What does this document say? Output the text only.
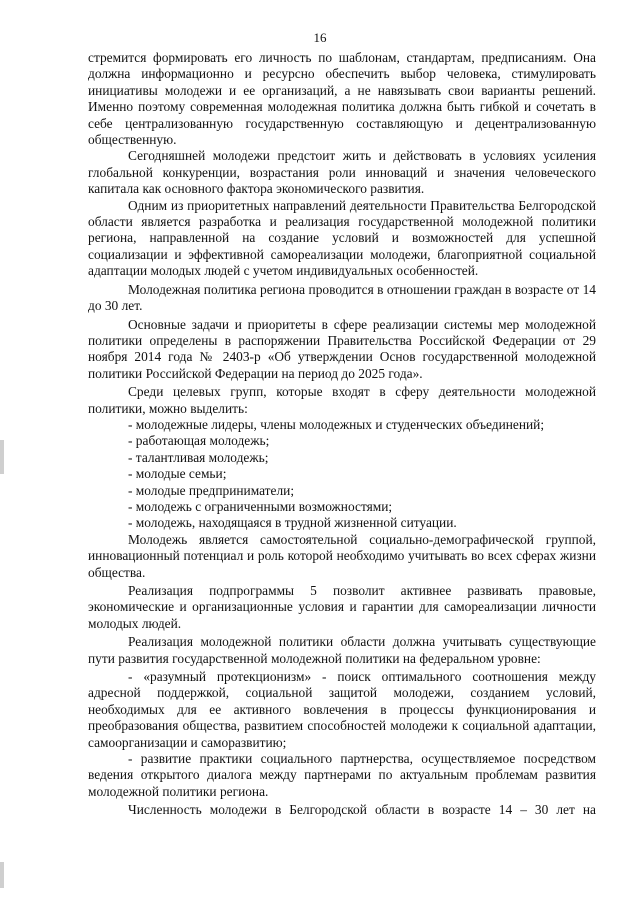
16

стремится формировать его личность по шаблонам, стандартам, предписаниям. Она должна информационно и ресурсно обеспечить выбор человека, стимулировать инициативы молодежи и ее организаций, а не навязывать свои варианты решений. Именно поэтому современная молодежная политика должна быть гибкой и сочетать в себе централизованную государственную составляющую и децентрализованную общественную.

Сегодняшней молодежи предстоит жить и действовать в условиях усиления глобальной конкуренции, возрастания роли инноваций и значения человеческого капитала как основного фактора экономического развития.

Одним из приоритетных направлений деятельности Правительства Белгородской области является разработка и реализация государственной молодежной политики региона, направленной на создание условий и возможностей для успешной социализации и эффективной самореализации молодежи, благоприятной социальной адаптации молодых людей с учетом индивидуальных особенностей.

Молодежная политика региона проводится в отношении граждан в возрасте от 14 до 30 лет.

Основные задачи и приоритеты в сфере реализации системы мер молодежной политики определены в распоряжении Правительства Российской Федерации от 29 ноября 2014 года № 2403-р «Об утверждении Основ государственной молодежной политики Российской Федерации на период до 2025 года».

Среди целевых групп, которые входят в сферу деятельности молодежной политики, можно выделить:

- молодежные лидеры, члены молодежных и студенческих объединений;

- работающая молодежь;

- талантливая молодежь;

- молодые семьи;

- молодые предприниматели;

- молодежь с ограниченными возможностями;

- молодежь, находящаяся в трудной жизненной ситуации.

Молодежь является самостоятельной социально-демографической группой, инновационный потенциал и роль которой необходимо учитывать во всех сферах жизни общества.

Реализация подпрограммы 5 позволит активнее развивать правовые, экономические и организационные условия и гарантии для самореализации личности молодых людей.

Реализация молодежной политики области должна учитывать существующие пути развития государственной молодежной политики на федеральном уровне:

- «разумный протекционизм» - поиск оптимального соотношения между адресной поддержкой, социальной защитой молодежи, созданием условий, необходимых для ее активного вовлечения в процессы функционирования и преобразования общества, развитием способностей молодежи к социальной адаптации, самоорганизации и саморазвитию;

- развитие практики социального партнерства, осуществляемое посредством ведения открытого диалога между партнерами по актуальным проблемам развития молодежной политики региона.

Численность молодежи в Белгородской области в возрасте 14 – 30 лет на
